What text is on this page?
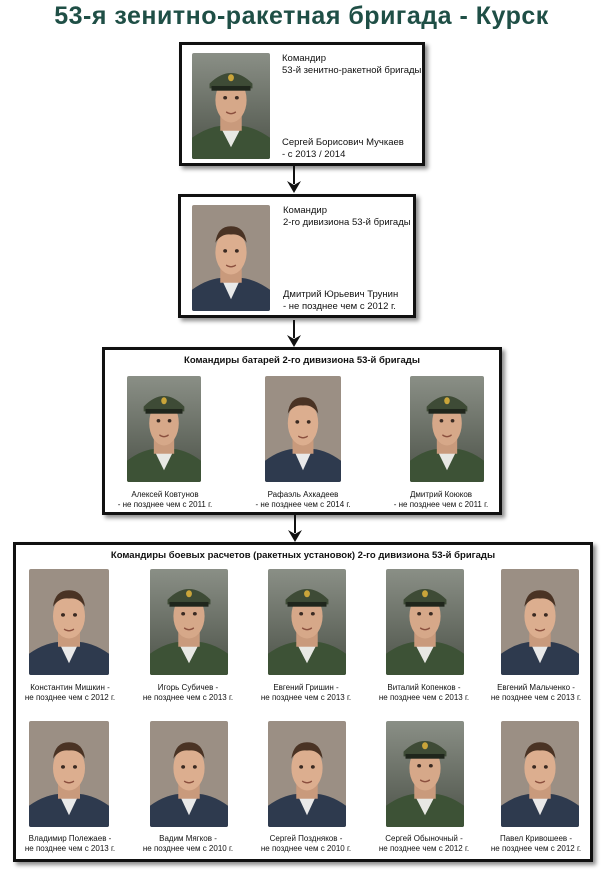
53-я зенитно-ракетная бригада - Курск
Командир
53-й зенитно-ракетной бригады
Сергей Борисович Мучкаев
- с 2013 / 2014
Командир
2-го дивизиона 53-й бригады
Дмитрий Юрьевич Трунин
- не позднее чем с 2012 г.
Командиры батарей 2-го дивизиона 53-й бригады
Алексей Ковтунов
- не позднее чем с 2011 г.
Рафаэль Ахкадеев
- не позднее чем с 2014 г.
Дмитрий Коюков
- не позднее чем с 2011 г.
Командиры боевых расчетов (ракетных установок) 2-го дивизиона 53-й бригады
Константин Мишкин -
не позднее чем с 2012 г.
Игорь Субичев -
не позднее чем с 2013 г.
Евгений Гришин -
не позднее чем с 2013 г.
Виталий Копенков -
не позднее чем с 2013 г.
Евгений Мальченко -
не позднее чем с 2013 г.
Владимир Полежаев -
не позднее чем с 2013 г.
Вадим Мягков -
не позднее чем с 2010 г.
Сергей Поздняков -
не позднее чем с 2010 г.
Сергей Обыночный -
не позднее чем с 2012 г.
Павел Кривошеев -
не позднее чем с 2012 г.
